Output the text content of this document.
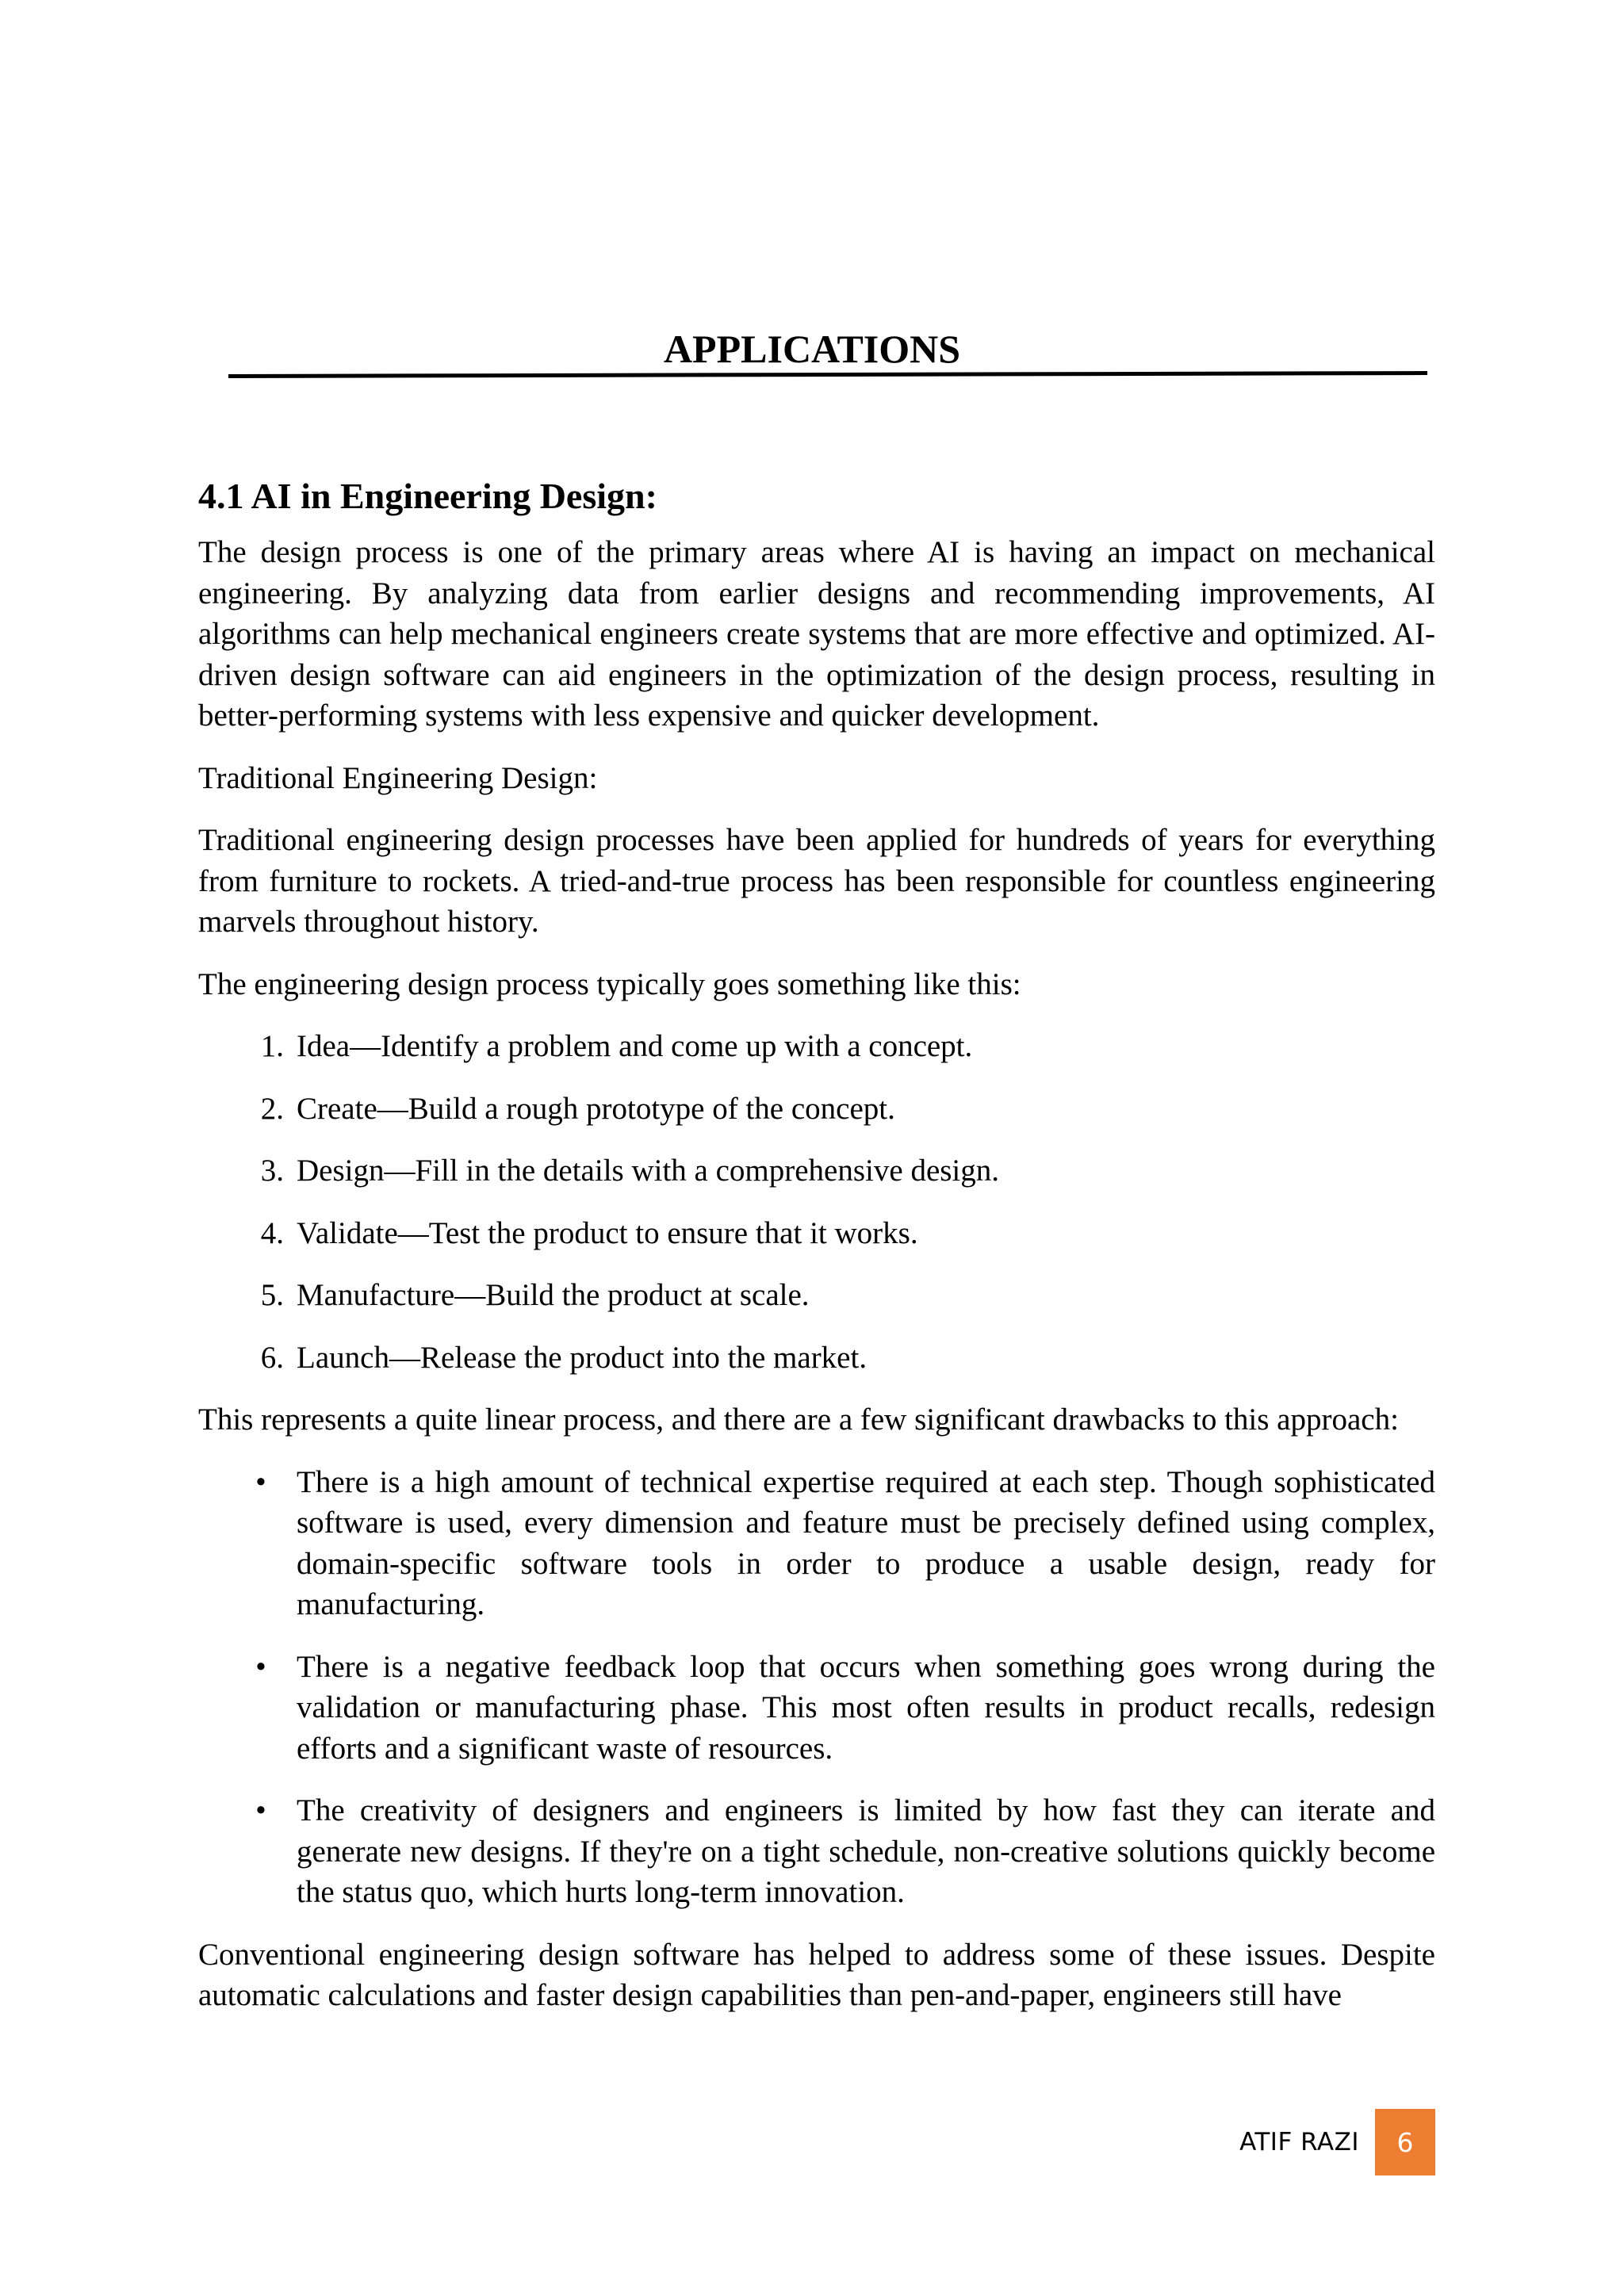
APPLICATIONS
4.1 AI in Engineering Design:

The design process is one of the primary areas where AI is having an impact on mechanical engineering. By analyzing data from earlier designs and recommending improvements, AI algorithms can help mechanical engineers create systems that are more effective and optimized. AI-driven design software can aid engineers in the optimization of the design process, resulting in better-performing systems with less expensive and quicker development.

Traditional Engineering Design:

Traditional engineering design processes have been applied for hundreds of years for everything from furniture to rockets. A tried-and-true process has been responsible for countless engineering marvels throughout history.

The engineering design process typically goes something like this:

1. Idea—Identify a problem and come up with a concept.
2. Create—Build a rough prototype of the concept.
3. Design—Fill in the details with a comprehensive design.
4. Validate—Test the product to ensure that it works.
5. Manufacture—Build the product at scale.
6. Launch—Release the product into the market.

This represents a quite linear process, and there are a few significant drawbacks to this approach:

• There is a high amount of technical expertise required at each step. Though sophisticated software is used, every dimension and feature must be precisely defined using complex, domain-specific software tools in order to produce a usable design, ready for manufacturing.
• There is a negative feedback loop that occurs when something goes wrong during the validation or manufacturing phase. This most often results in product recalls, redesign efforts and a significant waste of resources.
• The creativity of designers and engineers is limited by how fast they can iterate and generate new designs. If they're on a tight schedule, non-creative solutions quickly become the status quo, which hurts long-term innovation.

Conventional engineering design software has helped to address some of these issues. Despite automatic calculations and faster design capabilities than pen-and-paper, engineers still have

ATIF RAZI	6
